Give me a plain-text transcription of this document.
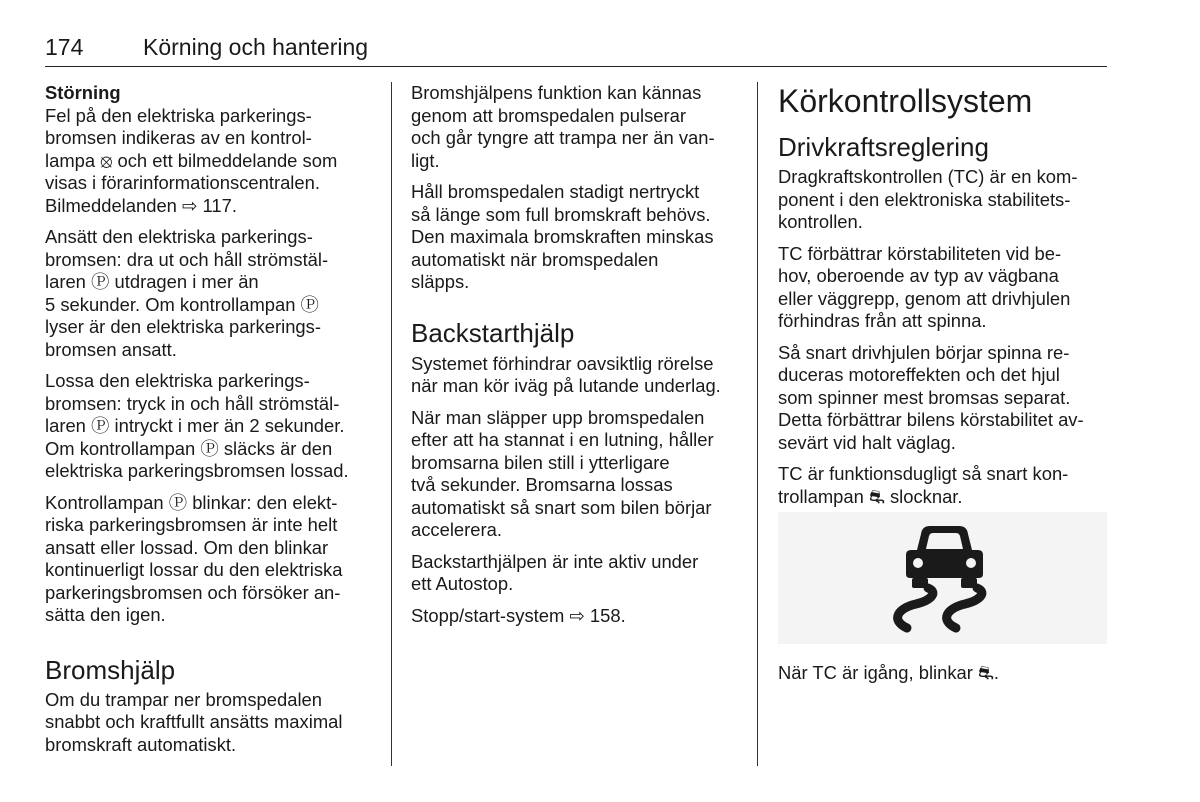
174	Körning och hantering
Störning

Fel på den elektriska parkerings-
bromsen indikeras av en kontrol-
lampa ⦻ och ett bilmeddelande som
visas i förarinformationscentralen.
Bilmeddelanden ⇨ 117.

Ansätt den elektriska parkerings-
bromsen: dra ut och håll strömstäl-
laren Ⓟ utdragen i mer än
5 sekunder. Om kontrollampan Ⓟ
lyser är den elektriska parkerings-
bromsen ansatt.

Lossa den elektriska parkerings-
bromsen: tryck in och håll strömstäl-
laren Ⓟ intryckt i mer än 2 sekunder.
Om kontrollampan Ⓟ släcks är den
elektriska parkeringsbromsen lossad.

Kontrollampan Ⓟ blinkar: den elekt-
riska parkeringsbromsen är inte helt
ansatt eller lossad. Om den blinkar
kontinuerligt lossar du den elektriska
parkeringsbromsen och försöker an-
sätta den igen.

Bromshjälp

Om du trampar ner bromspedalen
snabbt och kraftfullt ansätts maximal
bromskraft automatiskt.

Bromshjälpens funktion kan kännas
genom att bromspedalen pulserar
och går tyngre att trampa ner än van-
ligt.

Håll bromspedalen stadigt nertryckt
så länge som full bromskraft behövs.
Den maximala bromskraften minskas
automatiskt när bromspedalen
släpps.

Backstarthjälp

Systemet förhindrar oavsiktlig rörelse
när man kör iväg på lutande underlag.

När man släpper upp bromspedalen
efter att ha stannat i en lutning, håller
bromsarna bilen still i ytterligare
två sekunder. Bromsarna lossas
automatiskt så snart som bilen börjar
accelerera.

Backstarthjälpen är inte aktiv under
ett Autostop.

Stopp/start-system ⇨ 158.

Körkontrollsystem
Drivkraftsreglering

Dragkraftskontrollen (TC) är en kom-
ponent i den elektroniska stabilitets-
kontrollen.

TC förbättrar körstabiliteten vid be-
hov, oberoende av typ av vägbana
eller väggrepp, genom att drivhjulen
förhindras från att spinna.

Så snart drivhjulen börjar spinna re-
duceras motoreffekten och det hjul
som spinner mest bromsas separat.
Detta förbättrar bilens körstabilitet av-
sevärt vid halt väglag.

TC är funktionsdugligt så snart kon-
trollampan ⛐ slocknar.

När TC är igång, blinkar ⛐.
